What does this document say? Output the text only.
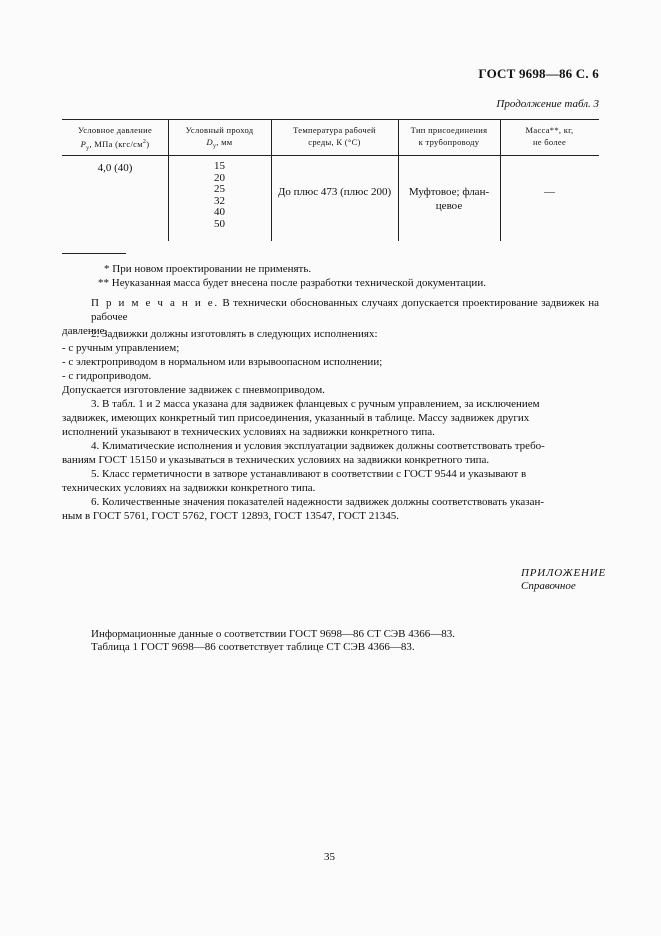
ГОСТ 9698—86 С. 6
Продолжение табл. 3
Условное давление
$P_у$, МПа $(кгс/см^2)$
Условный проход
$D_у$, мм
Температура рабочей
среды, К (°С)
Тип присоединения
к трубопроводу
Масса**, кг,
не более
4,0 (40)	15
20
25
32
40
50
До плюс 473 (плюс 200)	Муфтовое; флан-
цевое
—
* При новом проектировании не применять.
** Неуказанная масса будет внесена после разработки технической документации.

П р и м е ч а н и е. В технически обоснованных случаях допускается проектирование задвижек на рабочее

давление.

2. Задвижки должны изготовлять в следующих исполнениях:

- с ручным управлением;

- с электроприводом в нормальном или взрывоопасном исполнении;

- с гидроприводом.

Допускается изготовление задвижек с пневмоприводом.

3. В табл. 1 и 2 масса указана для задвижек фланцевых с ручным управлением, за исключением

задвижек, имеющих конкретный тип присоединения, указанный в таблице. Массу задвижек других

исполнений указывают в технических условиях на задвижки конкретного типа.

4. Климатические исполнения и условия эксплуатации задвижек должны соответствовать требо-

ваниям ГОСТ 15150 и указываться в технических условиях на задвижки конкретного типа.

5. Класс герметичности в затворе устанавливают в соответствии с ГОСТ 9544 и указывают в

технических условиях на задвижки конкретного типа.

6. Количественные значения показателей надежности задвижек должны соответствовать указан-

ным в ГОСТ 5761, ГОСТ 5762, ГОСТ 12893, ГОСТ 13547, ГОСТ 21345.

ПРИЛОЖЕНИЕ
Справочное
Информационные данные о соответствии ГОСТ 9698—86 СТ СЭВ 4366—83.
Таблица 1 ГОСТ 9698—86 соответствует таблице СТ СЭВ 4366—83.
35
